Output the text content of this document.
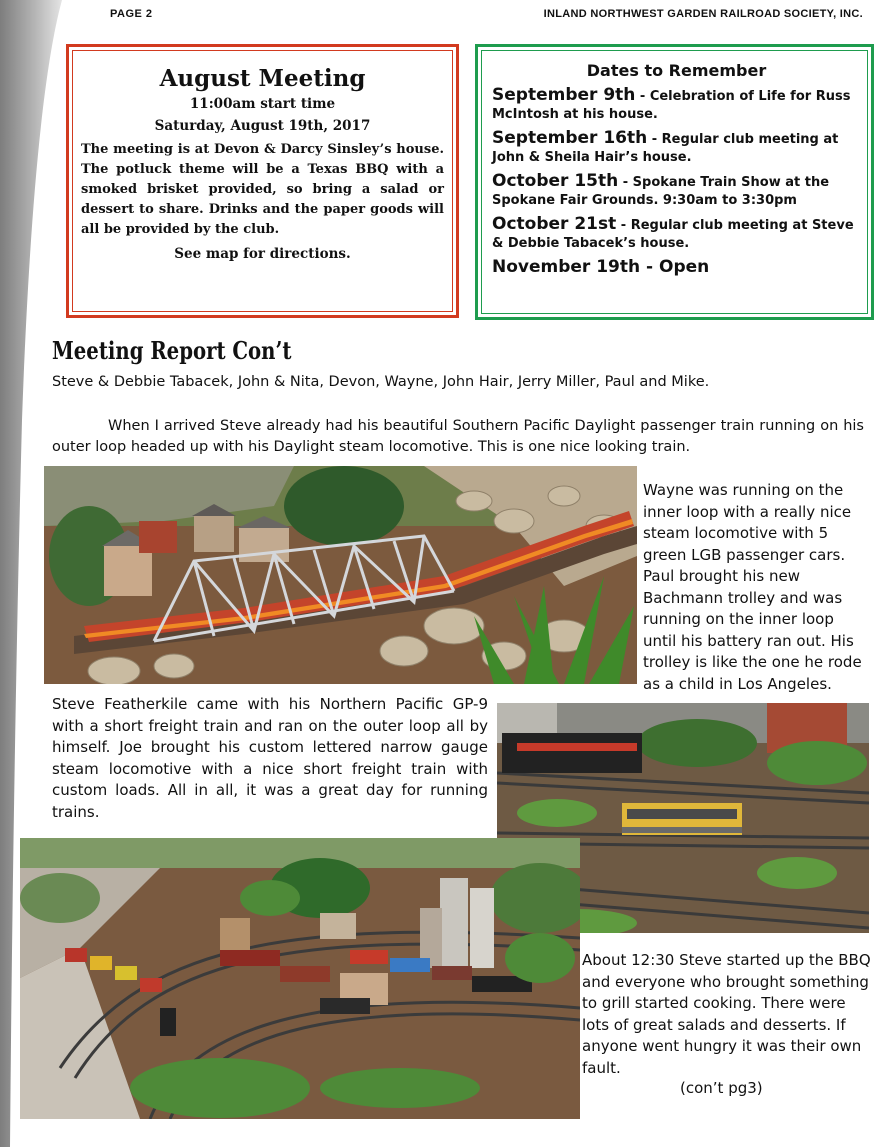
PAGE 2	INLAND NORTHWEST GARDEN RAILROAD SOCIETY, INC.
August Meeting
11:00am start time
Saturday, August 19th, 2017

The meeting is at Devon & Darcy Sinsley’s house. The potluck theme will be a Texas BBQ with a smoked brisket provided, so bring a salad or dessert to share. Drinks and the paper goods will all be provided by the club.

See map for directions.
Dates to Remember
September 9th - Celebration of Life for Russ McIntosh at his house.
September 16th - Regular club meeting at John & Sheila Hair’s house.
October 15th - Spokane Train Show at the Spokane Fair Grounds. 9:30am to 3:30pm
October 21st - Regular club meeting at Steve & Debbie Tabacek’s house.
November 19th - Open
Meeting Report Con’t
Steve & Debbie Tabacek, John & Nita, Devon, Wayne, John Hair, Jerry Miller, Paul and Mike.

When I arrived Steve already had his beautiful Southern Pacific Daylight passenger train running on his outer loop headed up with his Daylight steam locomotive. This is one nice looking train.

Wayne was running on the inner loop with a really nice steam locomotive with 5 green LGB passenger cars. Paul brought his new Bachmann trolley and was running on the inner loop until his battery ran out. His trolley is like the one he rode as a child in Los Angeles.

Steve Featherkile came with his Northern Pacific GP-9 with a short freight train and ran on the outer loop all by himself. Joe brought his custom lettered narrow gauge steam locomotive with a nice short freight train with custom loads. All in all, it was a great day for running trains.

About 12:30 Steve started up the BBQ and everyone who brought something to grill started cooking. There were lots of great salads and desserts. If anyone went hungry it was their own fault.

(con’t pg3)
